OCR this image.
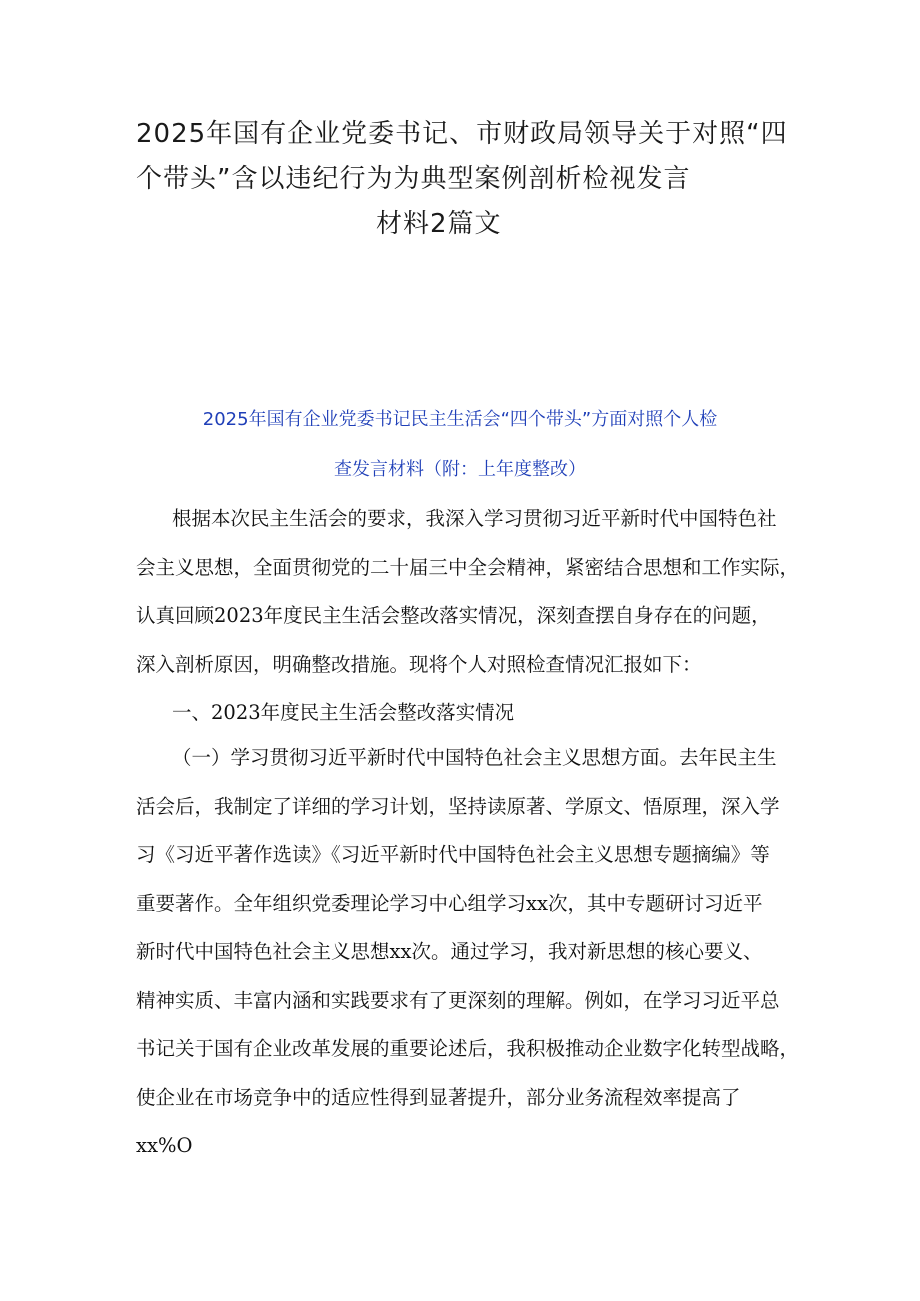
2025年国有企业党委书记、市财政局领导关于对照“四
个带头”含以违纪行为为典型案例剖析检视发言
材料2篇文
2025年国有企业党委书记民主生活会“四个带头”方面对照个人检
查发言材料（附：上年度整改）
根据本次民主生活会的要求，我深入学习贯彻习近平新时代中国特色社
会主义思想，全面贯彻党的二十届三中全会精神，紧密结合思想和工作实际，
认真回顾2023年度民主生活会整改落实情况，深刻查摆自身存在的问题，
深入剖析原因，明确整改措施。现将个人对照检查情况汇报如下：
一、2023年度民主生活会整改落实情况
（一）学习贯彻习近平新时代中国特色社会主义思想方面。去年民主生
活会后，我制定了详细的学习计划，坚持读原著、学原文、悟原理，深入学
习《习近平著作选读》《习近平新时代中国特色社会主义思想专题摘编》等
重要著作。全年组织党委理论学习中心组学习xx次，其中专题研讨习近平
新时代中国特色社会主义思想xx次。通过学习，我对新思想的核心要义、
精神实质、丰富内涵和实践要求有了更深刻的理解。例如，在学习习近平总
书记关于国有企业改革发展的重要论述后，我积极推动企业数字化转型战略，
使企业在市场竞争中的适应性得到显著提升，部分业务流程效率提高了
xx%O
